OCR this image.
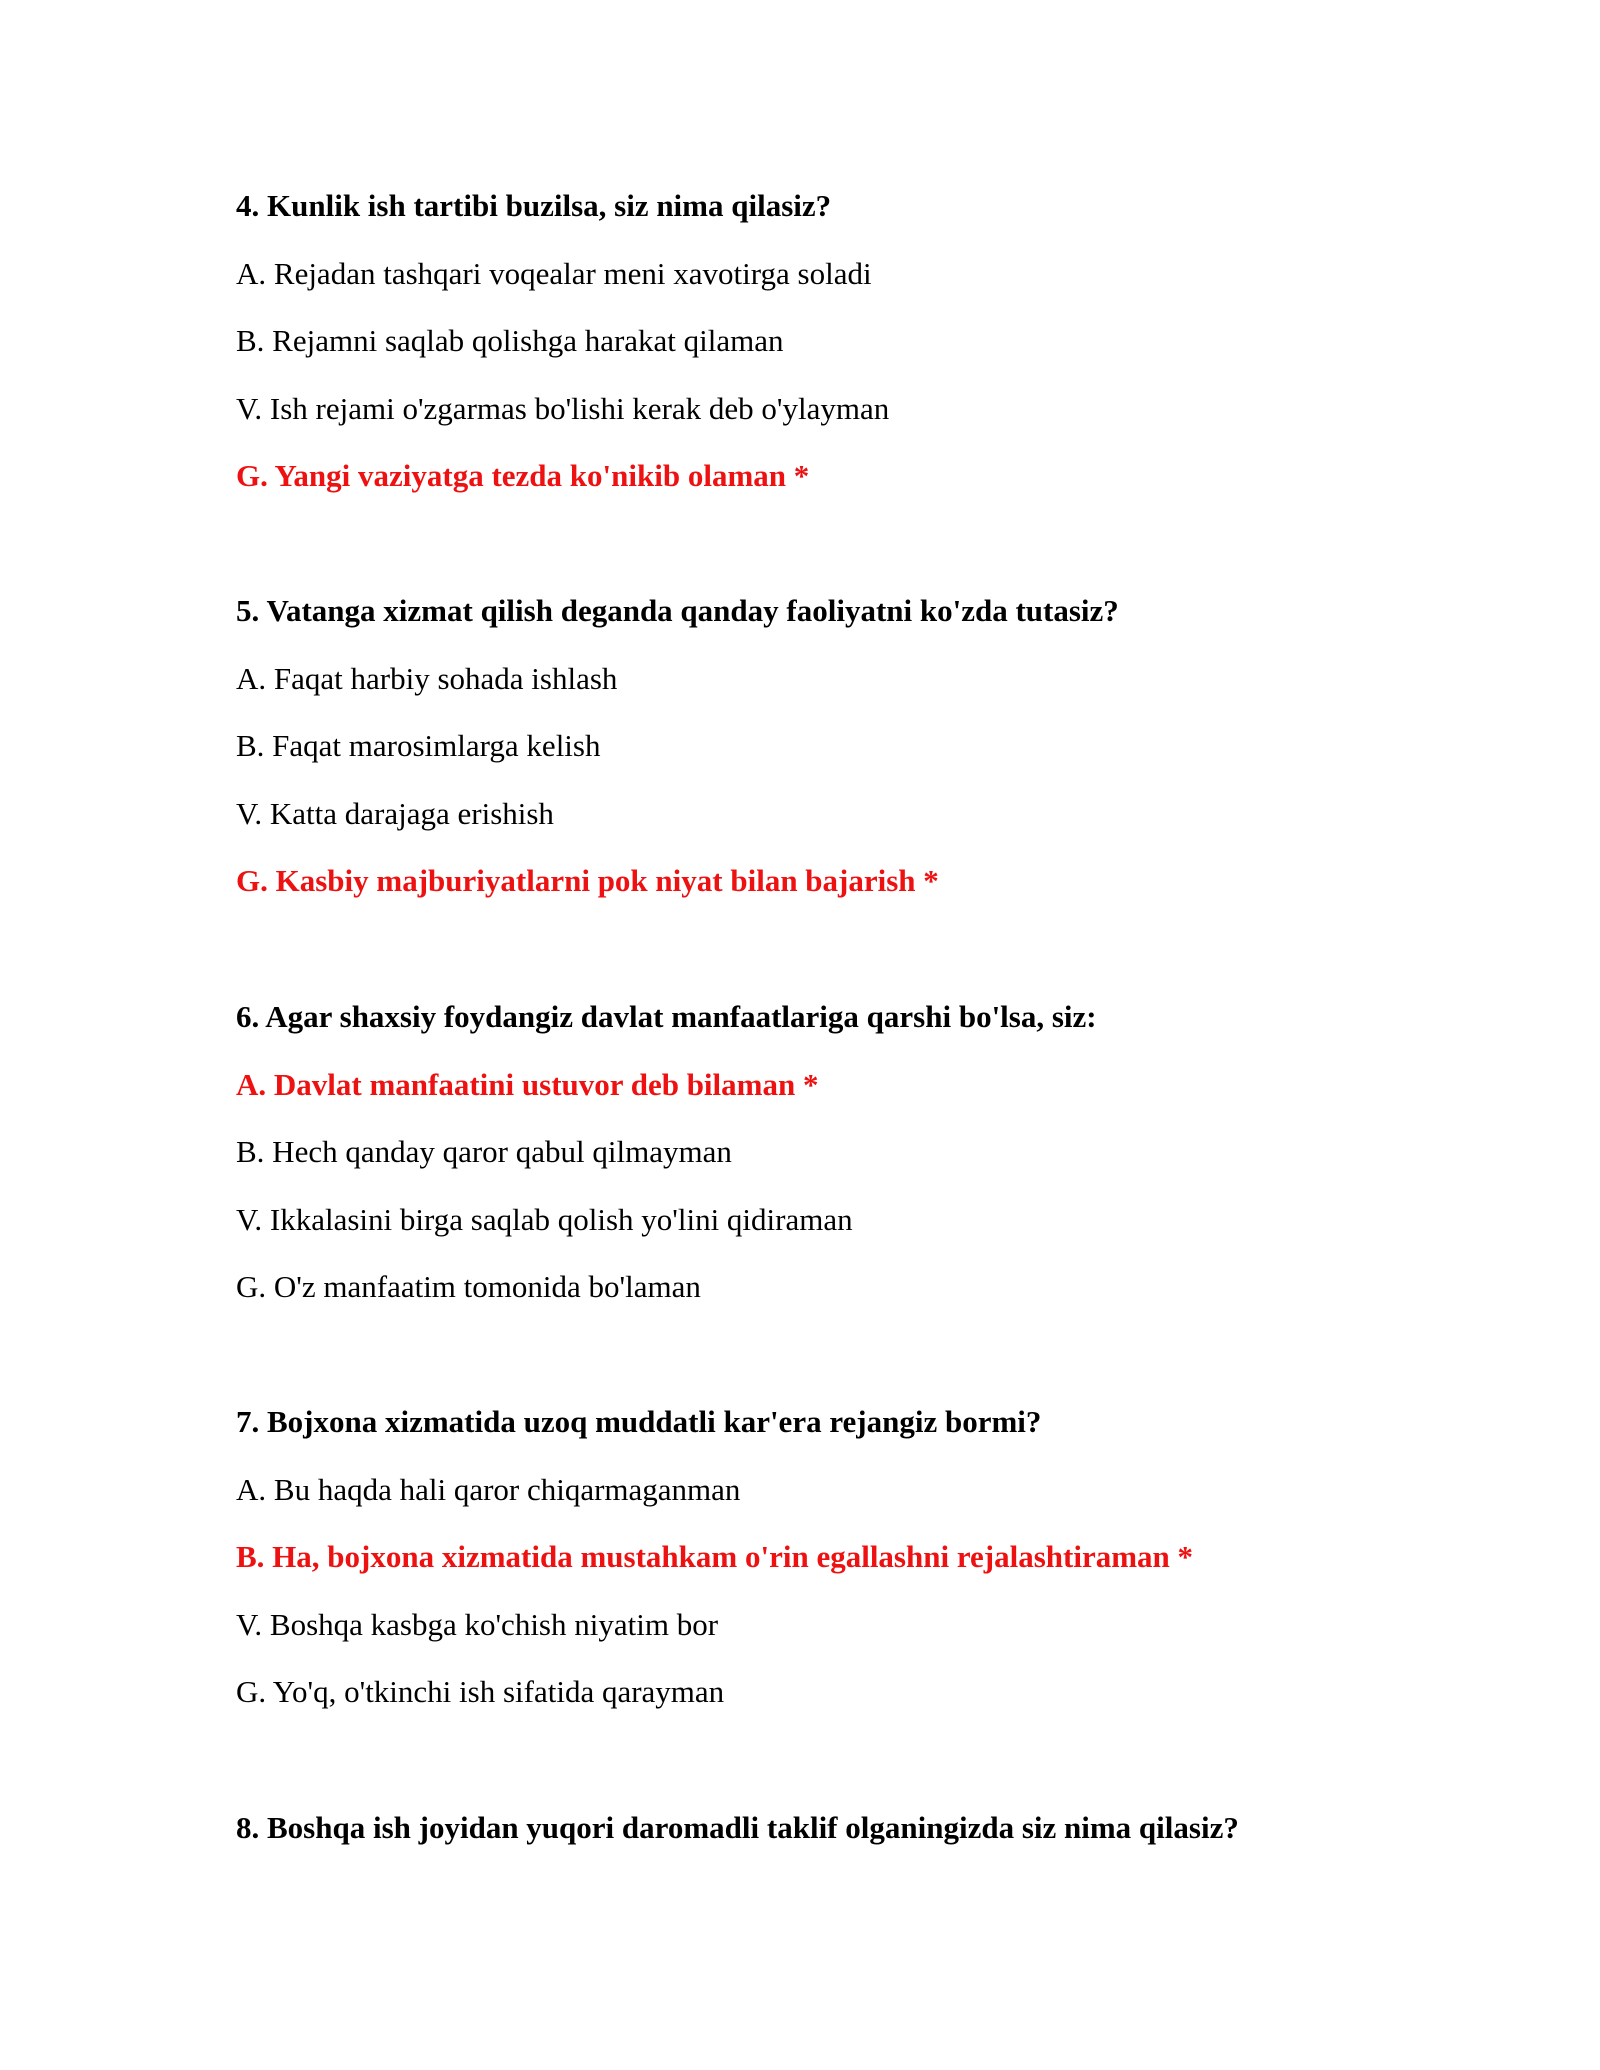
4. Kunlik ish tartibi buzilsa, siz nima qilasiz?
A. Rejadan tashqari voqealar meni xavotirga soladi
B. Rejamni saqlab qolishga harakat qilaman
V. Ish rejami o'zgarmas bo'lishi kerak deb o'ylayman
G. Yangi vaziyatga tezda ko'nikib olaman *
5. Vatanga xizmat qilish deganda qanday faoliyatni ko'zda tutasiz?
A. Faqat harbiy sohada ishlash
B. Faqat marosimlarga kelish
V. Katta darajaga erishish
G. Kasbiy majburiyatlarni pok niyat bilan bajarish *
6. Agar shaxsiy foydangiz davlat manfaatlariga qarshi bo'lsa, siz:
A. Davlat manfaatini ustuvor deb bilaman *
B. Hech qanday qaror qabul qilmayman
V. Ikkalasini birga saqlab qolish yo'lini qidiraman
G. O'z manfaatim tomonida bo'laman
7. Bojxona xizmatida uzoq muddatli kar'era rejangiz bormi?
A. Bu haqda hali qaror chiqarmaganman
B. Ha, bojxona xizmatida mustahkam o'rin egallashni rejalashtiraman *
V. Boshqa kasbga ko'chish niyatim bor
G. Yo'q, o'tkinchi ish sifatida qarayman
8. Boshqa ish joyidan yuqori daromadli taklif olganingizda siz nima qilasiz?
